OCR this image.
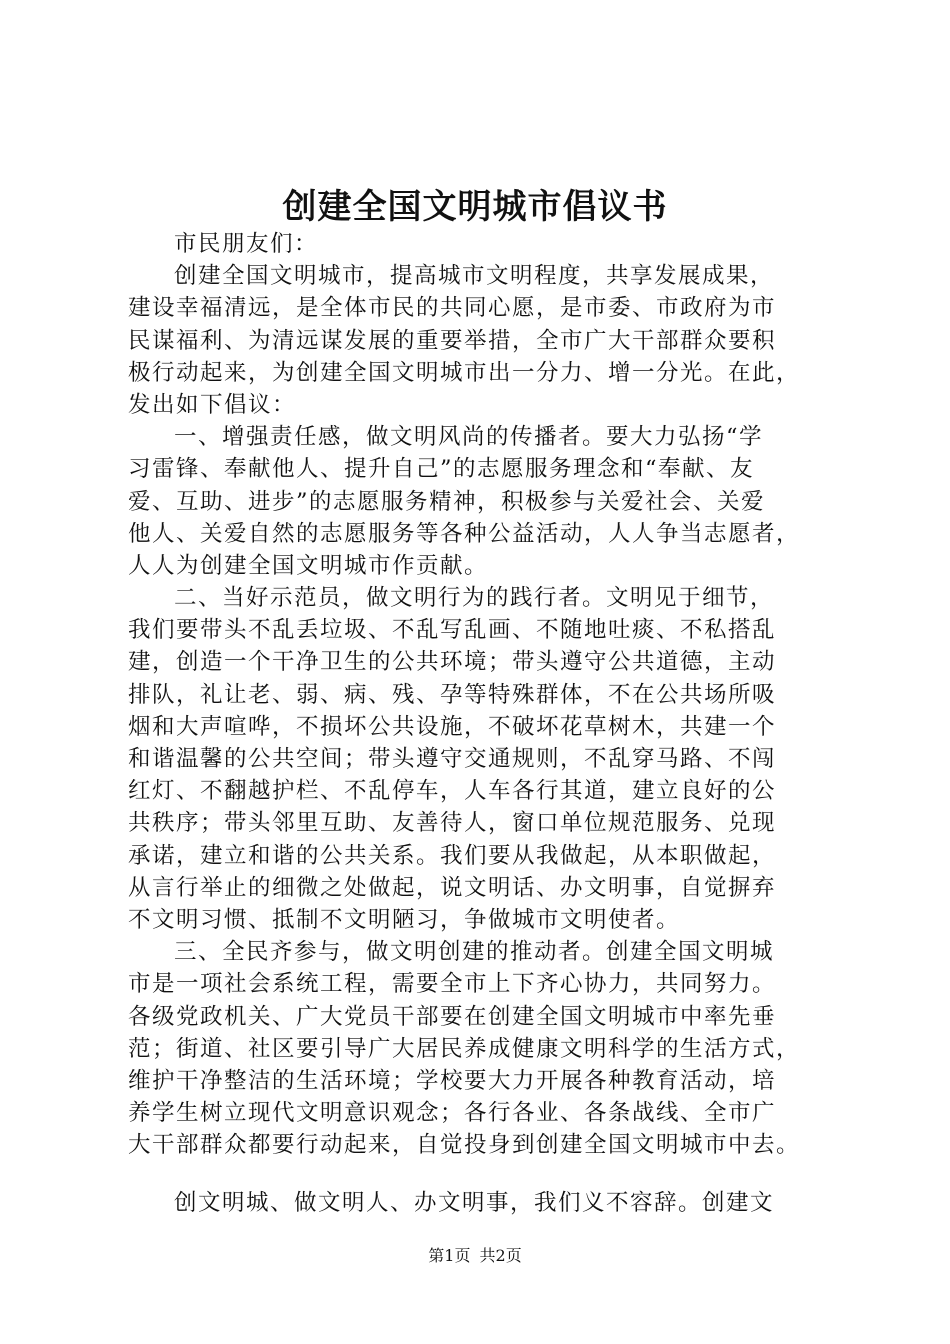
创建全国文明城市倡议书
市民朋友们：
创建全国文明城市，提高城市文明程度，共享发展成果，
建设幸福清远，是全体市民的共同心愿，是市委、市政府为市
民谋福利、为清远谋发展的重要举措，全市广大干部群众要积
极行动起来，为创建全国文明城市出一分力、增一分光。在此，
发出如下倡议：
一、增强责任感，做文明风尚的传播者。要大力弘扬“学
习雷锋、奉献他人、提升自己”的志愿服务理念和“奉献、友
爱、互助、进步”的志愿服务精神，积极参与关爱社会、关爱
他人、关爱自然的志愿服务等各种公益活动，人人争当志愿者，
人人为创建全国文明城市作贡献。
二、当好示范员，做文明行为的践行者。文明见于细节，
我们要带头不乱丢垃圾、不乱写乱画、不随地吐痰、不私搭乱
建，创造一个干净卫生的公共环境；带头遵守公共道德，主动
排队，礼让老、弱、病、残、孕等特殊群体，不在公共场所吸
烟和大声喧哗，不损坏公共设施，不破坏花草树木，共建一个
和谐温馨的公共空间；带头遵守交通规则，不乱穿马路、不闯
红灯、不翻越护栏、不乱停车，人车各行其道，建立良好的公
共秩序；带头邻里互助、友善待人，窗口单位规范服务、兑现
承诺，建立和谐的公共关系。我们要从我做起，从本职做起，
从言行举止的细微之处做起，说文明话、办文明事，自觉摒弃
不文明习惯、抵制不文明陋习，争做城市文明使者。
三、全民齐参与，做文明创建的推动者。创建全国文明城
市是一项社会系统工程，需要全市上下齐心协力，共同努力。
各级党政机关、广大党员干部要在创建全国文明城市中率先垂
范；街道、社区要引导广大居民养成健康文明科学的生活方式，
维护干净整洁的生活环境；学校要大力开展各种教育活动，培
养学生树立现代文明意识观念；各行各业、各条战线、全市广
大干部群众都要行动起来，自觉投身到创建全国文明城市中去。
创文明城、做文明人、办文明事，我们义不容辞。创建文
第1页 共2页
